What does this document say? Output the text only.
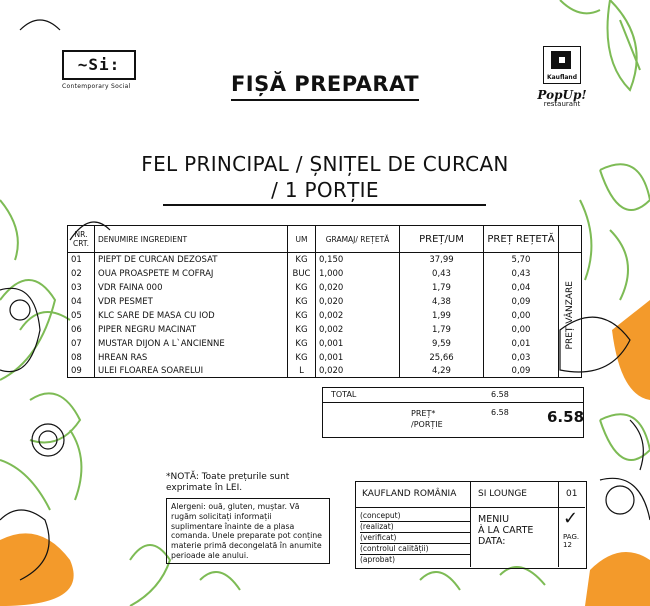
~Si:
Contemporary Social
Kaufland
PopUp!
restaurant
FIȘĂ PREPARAT
FEL PRINCIPAL / ȘNIȚEL DE CURCAN
/ 1 PORȚIE
NR. CRT.	DENUMIRE INGREDIENT	UM	GRAMAJ/ REȚETĂ	PREȚ/UM	PREȚ REȚETĂ	
01	PIEPT DE CURCAN DEZOSAT	KG	0,150	37,99	5,70	PREȚ VÂNZARE

02	OUA PROASPETE M COFRAJ	BUC	1,000	0,43	0,43	
03	VDR FAINA 000	KG	0,020	1,79	0,04	
04	VDR PESMET	KG	0,020	4,38	0,09	
05	KLC SARE DE MASA CU IOD	KG	0,002	1,99	0,00	
06	PIPER NEGRU MACINAT	KG	0,002	1,79	0,00	
07	MUSTAR DIJON A L`ANCIENNE	KG	0,001	9,59	0,01	
08	HREAN RAS	KG	0,001	25,66	0,03	
09	ULEI FLOAREA SOARELUI	L	0,020	4,29	0,09	
TOTAL	6.58
PREȚ* /PORȚIE
6.58	6.58
*NOTĂ: Toate prețurile sunt exprimate în LEI.
Alergeni: ouă, gluten, muștar. Vă rugăm solicitați informații suplimentare înainte de a plasa comanda. Unele preparate pot conține materie primă decongelată în anumite perioade ale anului.
KAUFLAND ROMÂNIA SI LOUNGE	01
(conceput)
(realizat)
(verificat)
(controlul calității)
(aprobat)
MENIU
À LA CARTE
DATA:
✓
PAG.
12
